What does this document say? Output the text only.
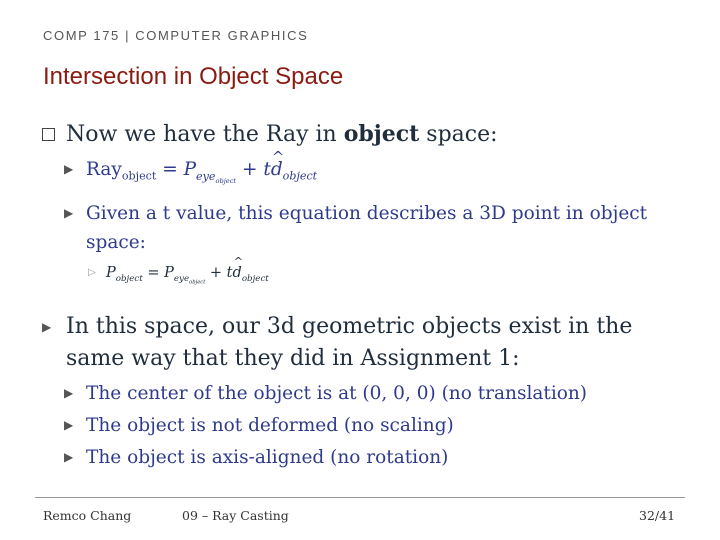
COMP 175 | COMPUTER GRAPHICS
Intersection in Object Space
Now we have the Ray in object space:
▶ $Ray_{object} = P_{eye_{object}}$ + t^ $d_{object}$
▶ Given a t value, this equation describes a 3D point in object space:
▷ $P_{object} = P_{eye_{object}}$ + t^ $d_{object}$
▶ In this space, our 3d geometric objects exist in the same way that they did in Assignment 1:
▶ The center of the object is at (0, 0, 0) (no translation)
▶ The object is not deformed (no scaling)
▶ The object is axis-aligned (no rotation)
Remco Chang	09 – Ray Casting	32/41
